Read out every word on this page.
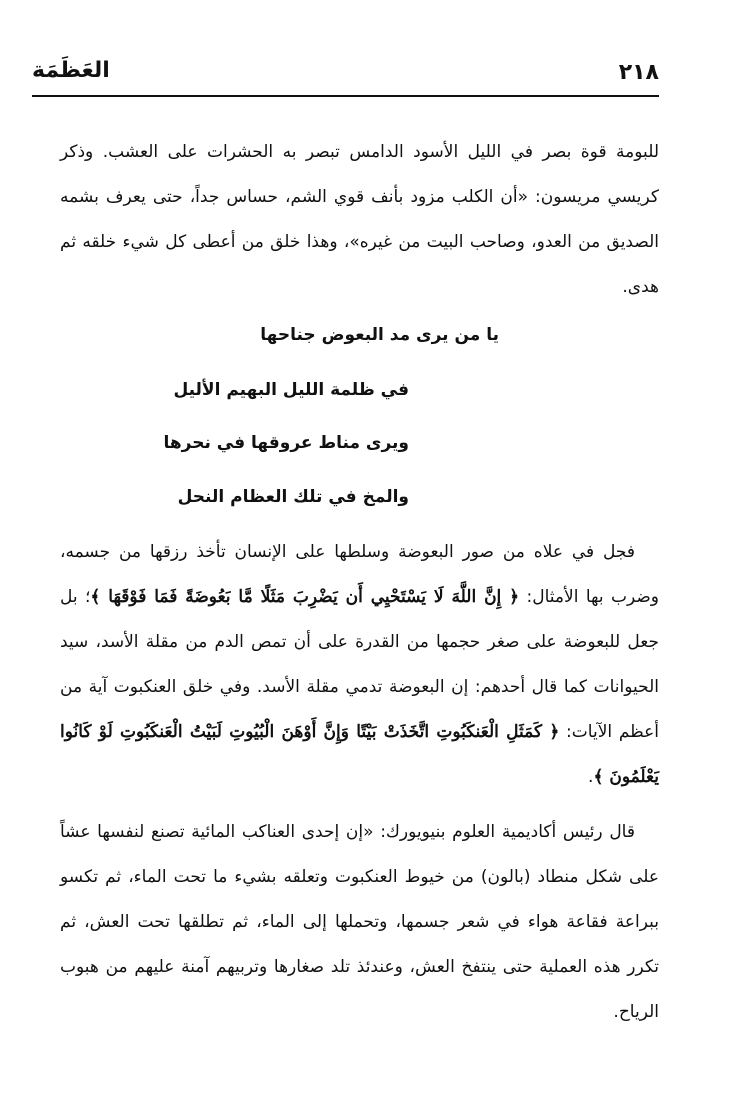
٢١٨
العَظَمَة

للبومة قوة بصر في الليل الأسود الدامس تبصر به الحشرات على العشب. وذكر كريسي مريسون: «أن الكلب مزود بأنف قوي الشم، حساس جداً، حتى يعرف بشمه الصديق من العدو، وصاحب البيت من غيره»، وهذا خلق من أعطى كل شيء خلقه ثم هدى.

يا من يرى مد البعوض جناحها
في ظلمة الليل البهيم الأليل
ويرى مناط عروقها في نحرها
والمخ في تلك العظام النحل

فجل في علاه من صور البعوضة وسلطها على الإنسان تأخذ رزقها من جسمه، وضرب بها الأمثال: ﴿ إِنَّ اللَّهَ لَا يَسْتَحْيِي أَن يَضْرِبَ مَثَلًا مَّا بَعُوضَةً فَمَا فَوْقَهَا ﴾؛ بل جعل للبعوضة على صغر حجمها من القدرة على أن تمص الدم من مقلة الأسد، سيد الحيوانات كما قال أحدهم: إن البعوضة تدمي مقلة الأسد. وفي خلق العنكبوت آية من أعظم الآيات: ﴿ كَمَثَلِ الْعَنكَبُوتِ اتَّخَذَتْ بَيْتًا وَإِنَّ أَوْهَنَ الْبُيُوتِ لَبَيْتُ الْعَنكَبُوتِ لَوْ كَانُوا يَعْلَمُونَ ﴾.

قال رئيس أكاديمية العلوم بنيويورك: «إن إحدى العناكب المائية تصنع لنفسها عشاً على شكل منطاد (بالون) من خيوط العنكبوت وتعلقه بشيء ما تحت الماء، ثم تكسو ببراعة فقاعة هواء في شعر جسمها، وتحملها إلى الماء، ثم تطلقها تحت العش، ثم تكرر هذه العملية حتى ينتفخ العش، وعندئذ تلد صغارها وتربيهم آمنة عليهم من هبوب الرياح.
